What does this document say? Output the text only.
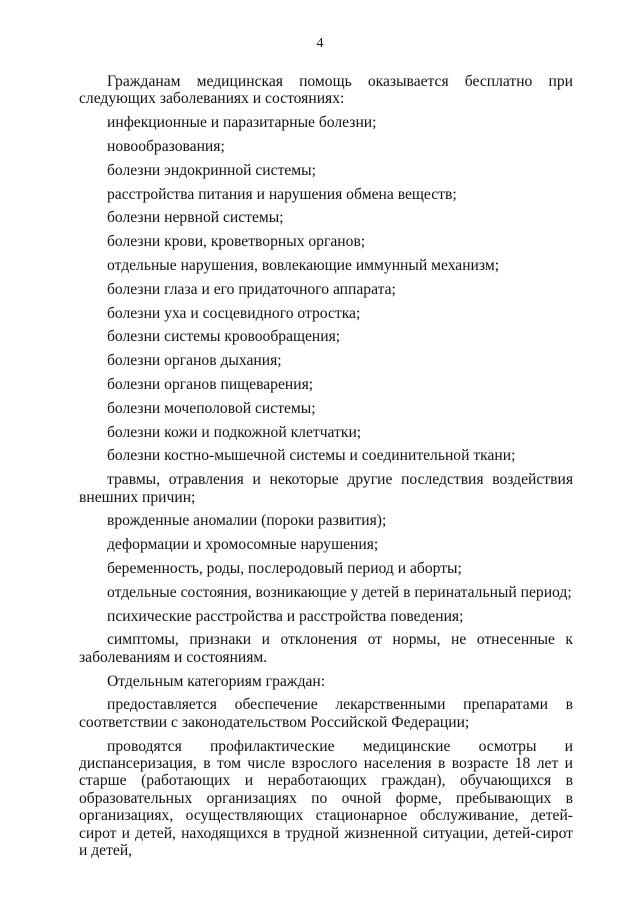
4

Гражданам медицинская помощь оказывается бесплатно при следующих заболеваниях и состояниях:

инфекционные и паразитарные болезни;

новообразования;

болезни эндокринной системы;

расстройства питания и нарушения обмена веществ;

болезни нервной системы;

болезни крови, кроветворных органов;

отдельные нарушения, вовлекающие иммунный механизм;

болезни глаза и его придаточного аппарата;

болезни уха и сосцевидного отростка;

болезни системы кровообращения;

болезни органов дыхания;

болезни органов пищеварения;

болезни мочеполовой системы;

болезни кожи и подкожной клетчатки;

болезни костно-мышечной системы и соединительной ткани;

травмы, отравления и некоторые другие последствия воздействия внешних причин;

врожденные аномалии (пороки развития);

деформации и хромосомные нарушения;

беременность, роды, послеродовый период и аборты;

отдельные состояния, возникающие у детей в перинатальный период;

психические расстройства и расстройства поведения;

симптомы, признаки и отклонения от нормы, не отнесенные к заболеваниям и состояниям.

Отдельным категориям граждан:

предоставляется обеспечение лекарственными препаратами в соответствии с законодательством Российской Федерации;

проводятся профилактические медицинские осмотры и диспансеризация, в том числе взрослого населения в возрасте 18 лет и старше (работающих и неработающих граждан), обучающихся в образовательных организациях по очной форме, пребывающих в организациях, осуществляющих стационарное обслуживание, детей-сирот и детей, находящихся в трудной жизненной ситуации, детей-сирот и детей,
